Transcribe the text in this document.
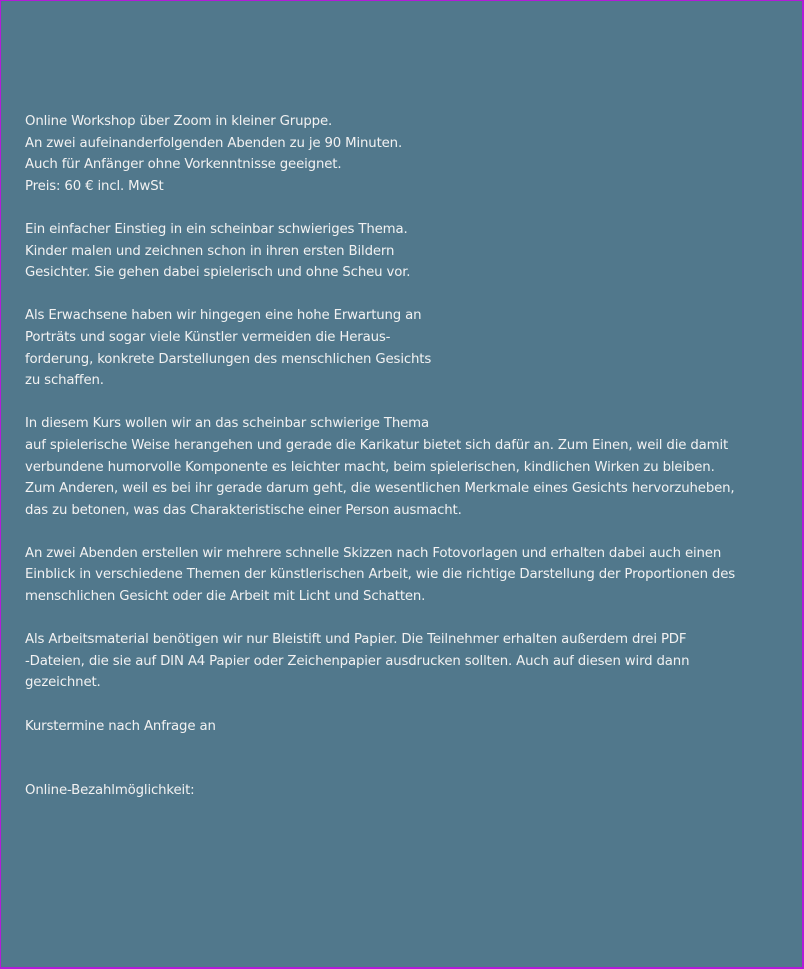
Online Workshop über Zoom in kleiner Gruppe.
An zwei aufeinanderfolgenden Abenden zu je 90 Minuten.
Auch für Anfänger ohne Vorkenntnisse geeignet.
Preis: 60 € incl. MwSt
Ein einfacher Einstieg in ein scheinbar schwieriges Thema.
Kinder malen und zeichnen schon in ihren ersten Bildern
Gesichter. Sie gehen dabei spielerisch und ohne Scheu vor.
Als Erwachsene haben wir hingegen eine hohe Erwartung an
Porträts und sogar viele Künstler vermeiden die Heraus-
forderung, konkrete Darstellungen des menschlichen Gesichts
zu schaffen.
In diesem Kurs wollen wir an das scheinbar schwierige Thema
auf spielerische Weise herangehen und gerade die Karikatur bietet sich dafür an. Zum Einen, weil die damit
verbundene humorvolle Komponente es leichter macht, beim spielerischen, kindlichen Wirken zu bleiben.
Zum Anderen, weil es bei ihr gerade darum geht, die wesentlichen Merkmale eines Gesichts hervorzuheben,
das zu betonen, was das Charakteristische einer Person ausmacht.
An zwei Abenden erstellen wir mehrere schnelle Skizzen nach Fotovorlagen und erhalten dabei auch einen
Einblick in verschiedene Themen der künstlerischen Arbeit, wie die richtige Darstellung der Proportionen des
menschlichen Gesicht oder die Arbeit mit Licht und Schatten.
Als Arbeitsmaterial benötigen wir nur Bleistift und Papier. Die Teilnehmer erhalten außerdem drei PDF
-Dateien, die sie auf DIN A4 Papier oder Zeichenpapier ausdrucken sollten. Auch auf diesen wird dann
gezeichnet.
Kurstermine nach Anfrage an
Online-Bezahlmöglichkeit:
